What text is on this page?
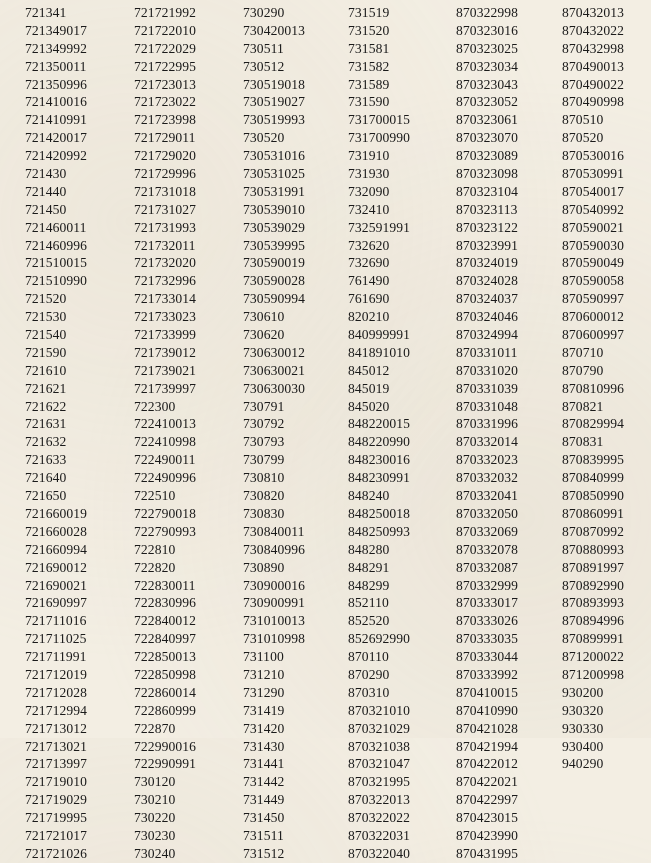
721341
721349017
721349992
721350011
721350996
721410016
721410991
721420017
721420992
721430
721440
721450
721460011
721460996
721510015
721510990
721520
721530
721540
721590
721610
721621
721622
721631
721632
721633
721640
721650
721660019
721660028
721660994
721690012
721690021
721690997
721711016
721711025
721711991
721712019
721712028
721712994
721713012
721713021
721713997
721719010
721719029
721719995
721721017
721721026
721721992
721722010
721722029
721722995
721723013
721723022
721723998
721729011
721729020
721729996
721731018
721731027
721731993
721732011
721732020
721732996
721733014
721733023
721733999
721739012
721739021
721739997
722300
722410013
722410998
722490011
722490996
722510
722790018
722790993
722810
722820
722830011
722830996
722840012
722840997
722850013
722850998
722860014
722860999
722870
722990016
722990991
730120
730210
730220
730230
730240
730290
730420013
730511
730512
730519018
730519027
730519993
730520
730531016
730531025
730531991
730539010
730539029
730539995
730590019
730590028
730590994
730610
730620
730630012
730630021
730630030
730791
730792
730793
730799
730810
730820
730830
730840011
730840996
730890
730900016
730900991
731010013
731010998
731100
731210
731290
731419
731420
731430
731441
731442
731449
731450
731511
731512
731519
731520
731581
731582
731589
731590
731700015
731700990
731910
731930
732090
732410
732591991
732620
732690
761490
761690
820210
840999991
841891010
845012
845019
845020
848220015
848220990
848230016
848230991
848240
848250018
848250993
848280
848291
848299
852110
852520
852692990
870110
870290
870310
870321010
870321029
870321038
870321047
870321995
870322013
870322022
870322031
870322040
870322998
870323016
870323025
870323034
870323043
870323052
870323061
870323070
870323089
870323098
870323104
870323113
870323122
870323991
870324019
870324028
870324037
870324046
870324994
870331011
870331020
870331039
870331048
870331996
870332014
870332023
870332032
870332041
870332050
870332069
870332078
870332087
870332999
870333017
870333026
870333035
870333044
870333992
870410015
870410990
870421028
870421994
870422012
870422021
870422997
870423015
870423990
870431995
870432013
870432022
870432998
870490013
870490022
870490998
870510
870520
870530016
870530991
870540017
870540992
870590021
870590030
870590049
870590058
870590997
870600012
870600997
870710
870790
870810996
870821
870829994
870831
870839995
870840999
870850990
870860991
870870992
870880993
870891997
870892990
870893993
870894996
870899991
871200022
871200998
930200
930320
930330
930400
940290
